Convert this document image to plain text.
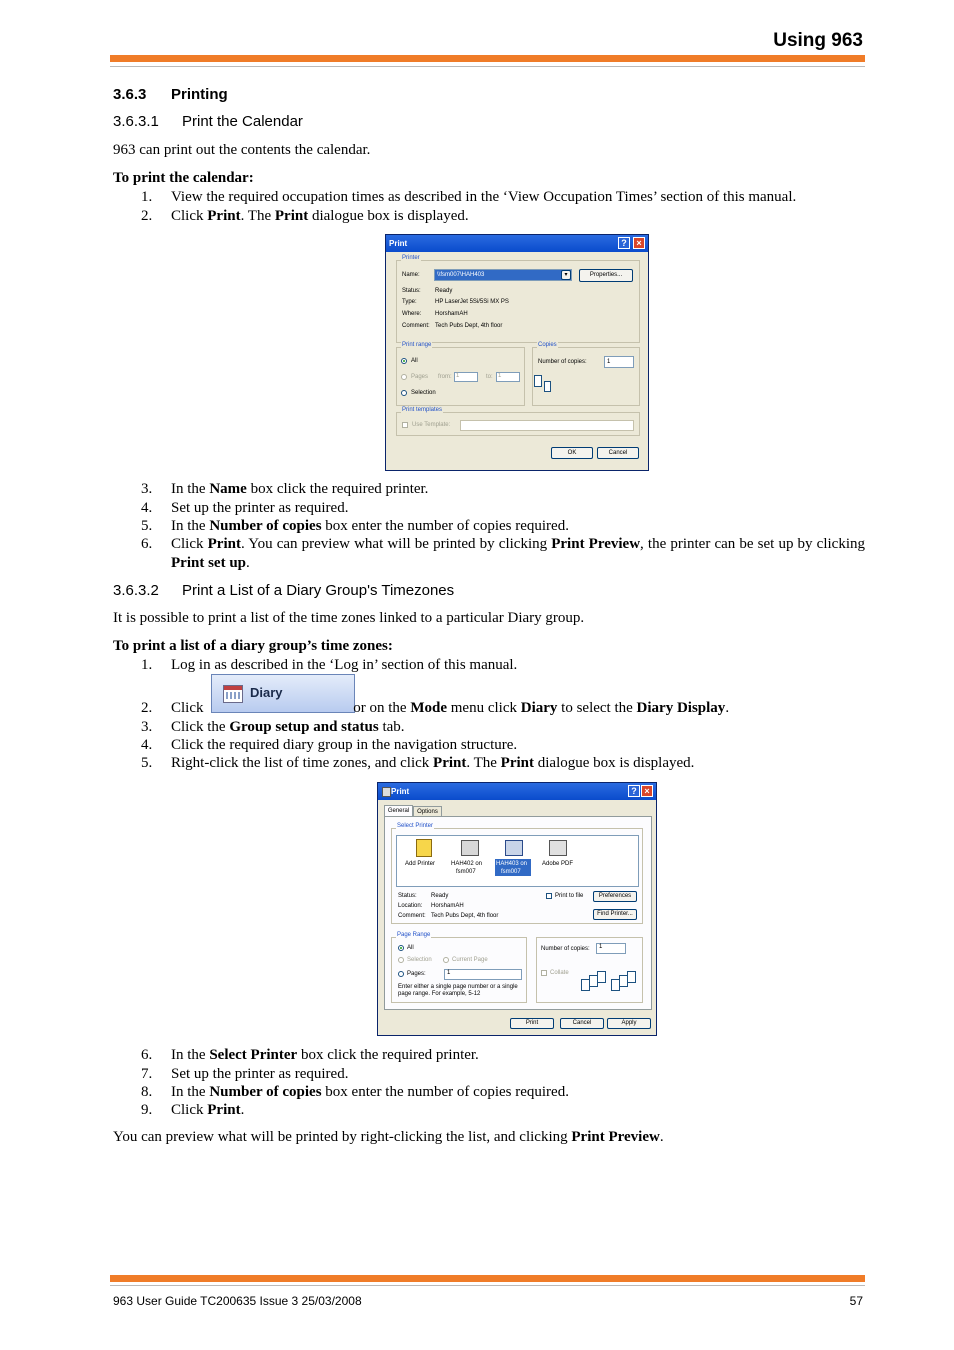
Using 963
3.6.3 Printing
3.6.3.1 Print the Calendar
963 can print out the contents the calendar.
To print the calendar:
1. View the required occupation times as described in the ‘View Occupation Times’ section of this manual.
2. Click Print. The Print dialogue box is displayed.
Print	?	×
Printer
Name:	\\fsm007\HAH403	▾	Properties...
Status: Ready
Type:	HP LaserJet 5Si/5Si MX PS
Where: HorshamAH
Comment: Tech Pubs Dept, 4th floor
Print range
All
Pages from: 1	to: 1
Selection
Copies
Number of copies:	1
Print templates
Use Template:
OK	Cancel
3. In the Name box click the required printer.
4. Set up the printer as required.
5. In the Number of copies box enter the number of copies required.
6. Click Print. You can preview what will be printed by clicking Print Preview, the printer can be set up by clicking Print set up.
3.6.3.2 Print a List of a Diary Group's Timezones
It is possible to print a list of the time zones linked to a particular Diary group.
To print a list of a diary group’s time zones:
1. Log in as described in the ‘Log in’ section of this manual.
Diary
2. Click	or on the Mode menu click Diary to select the Diary Display.
3. Click the Group setup and status tab.
4. Click the required diary group in the navigation structure.
5. Right-click the list of time zones, and click Print. The Print dialogue box is displayed.
Print	? ×
General	Options
Select Printer
Add Printer	HAH402 on
fsm007
HAH403 on
fsm007
Adobe PDF
Status: Ready
Location: HorshamAH
Comment: Tech Pubs Dept, 4th floor
Print to file	Preferences
Find Printer...
Page Range
All
Selection	Current Page
Pages:	1
Enter either a single page number or a single
page range. For example, 5-12
Number of copies:	1
Collate
Print	Cancel	Apply
6. In the Select Printer box click the required printer.
7. Set up the printer as required.
8. In the Number of copies box enter the number of copies required.
9. Click Print.
You can preview what will be printed by right-clicking the list, and clicking Print Preview.
963 User Guide TC200635 Issue 3 25/03/2008	57
